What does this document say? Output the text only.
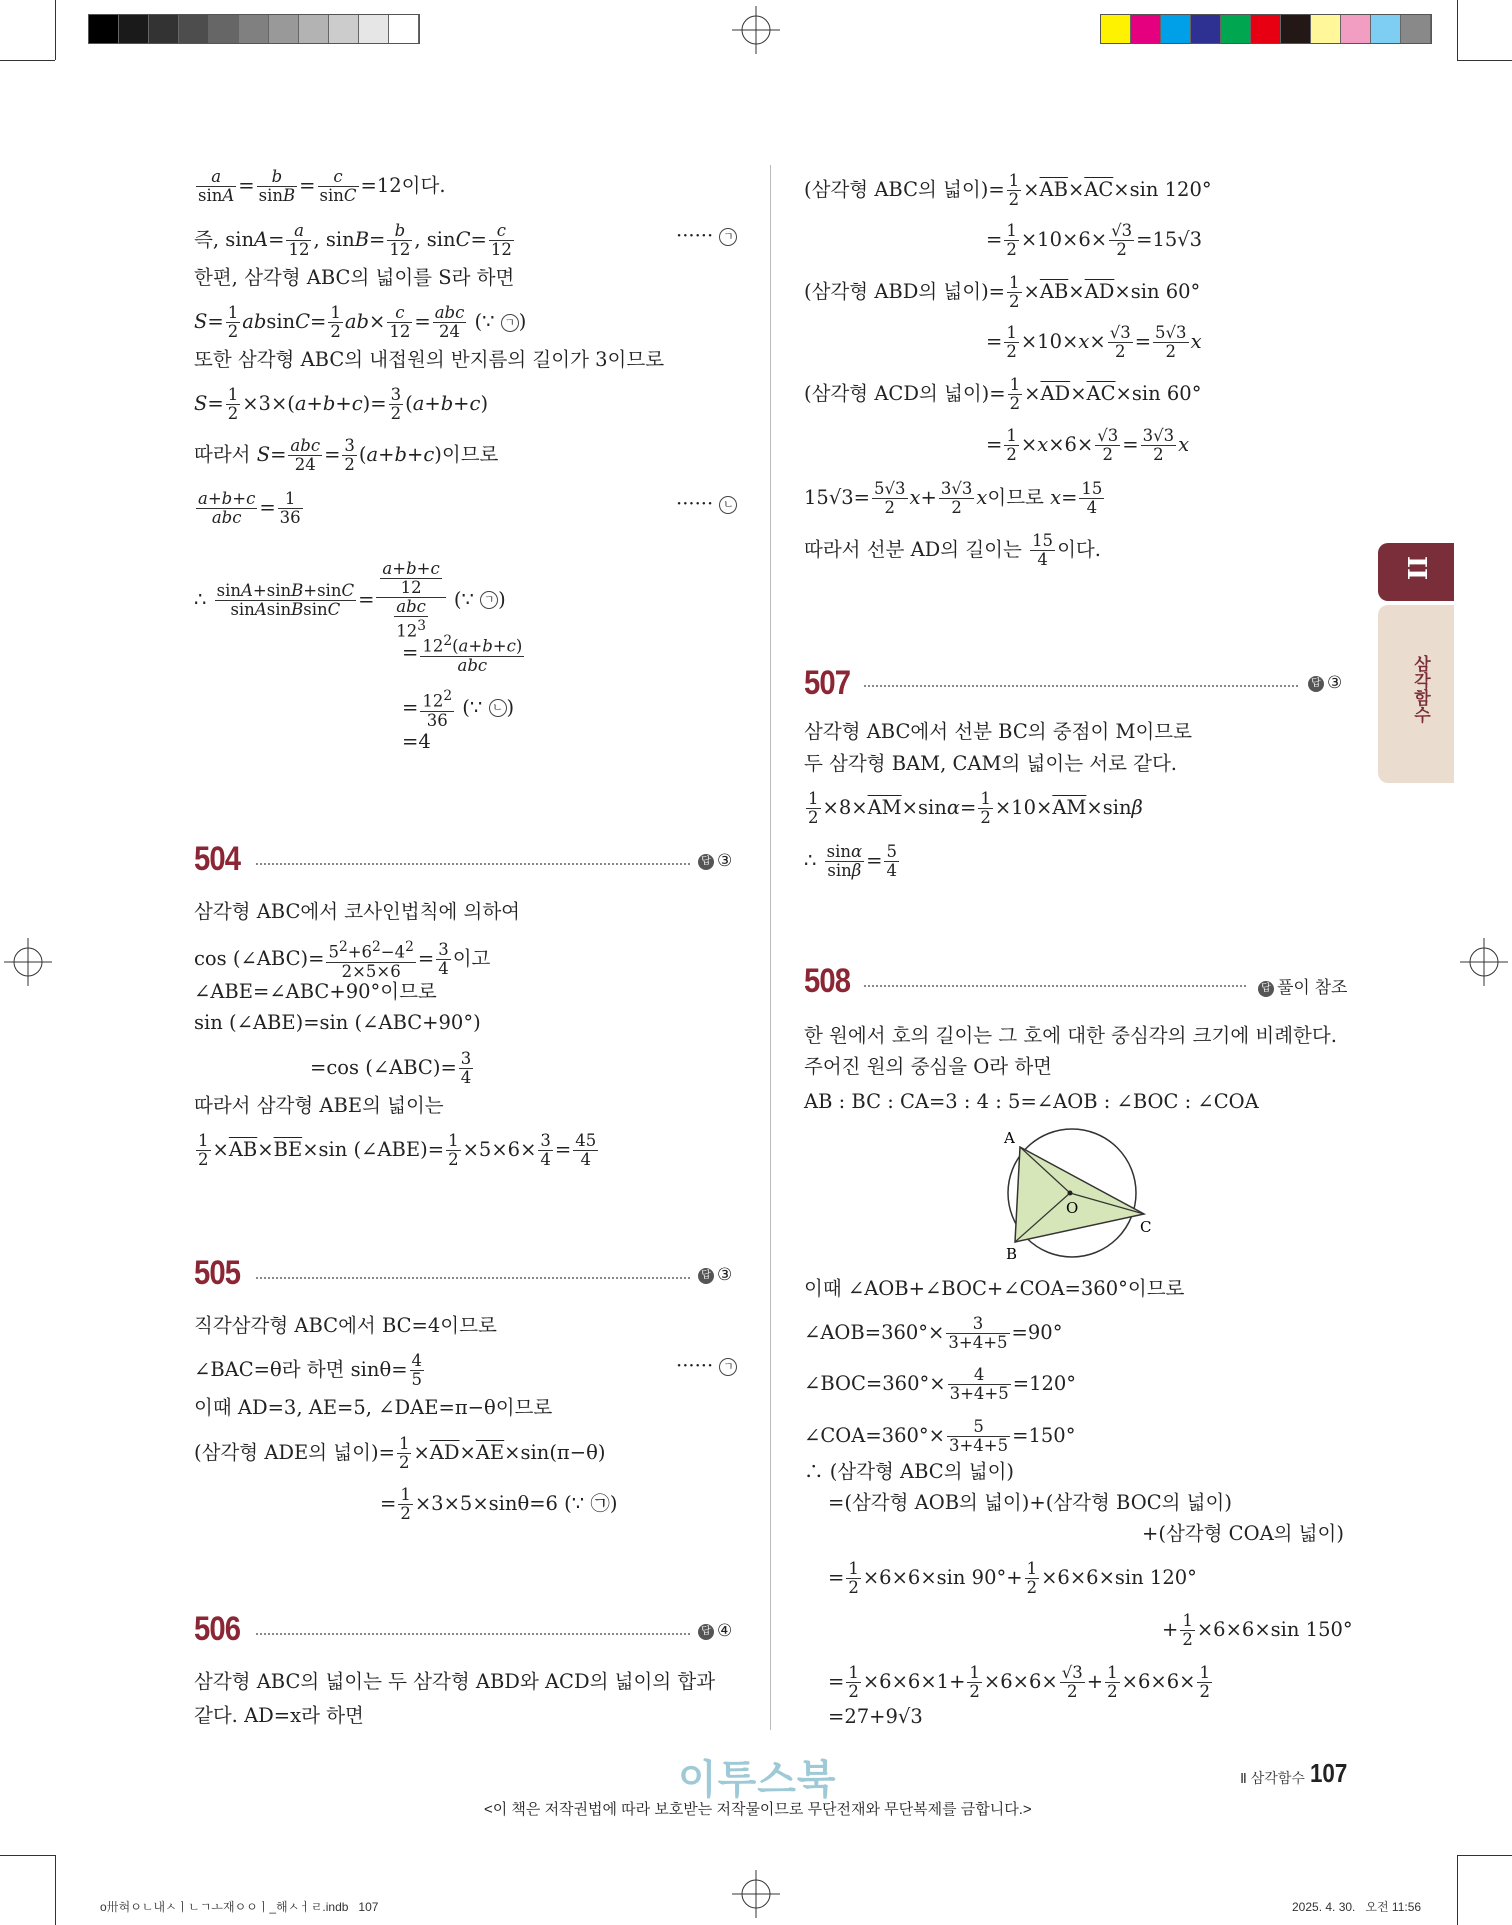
$\frac{a}{\sin A} = \frac{b}{\sin B} = \frac{c}{\sin C} =12$이다.
즉, $\sin A= \frac{a}{12}$ , $\sin B= \frac{b}{12}$ , $\sin C= \frac{c}{12}$	······ ㄱ
한편, 삼각형 ABC의 넓이를 S라 하면
$S= \frac{1}{2} absinC= \frac{1}{2} ab\times \frac{c}{12} = \frac{\text{abc}}{24}$ (∵ ㄱ )
또한 삼각형 ABC의 내접원의 반지름의 길이가 3이므로
$S= \frac{1}{2} \times 3\times(a+b+c)= \frac{3}{2} (a+b+c)$
따라서 $S= \frac{\text{abc}}{24} = \frac{3}{2} (a+b+c)$이므로
$\frac{a+b+c}{\text{abc}} = \frac{1}{36}$	······ ㄴ
∴ $\frac{\sin A+\sin B+\sin C}{\text{sinAsinBsinC}} = \frac{\frac{a+b+c}{12}}{\frac{\text{abc}}{12^3}}$ (∵ ㄱ )
= $\frac{12^2(a+b+c)}{\text{abc}}$
= $\frac{12^2}{36}$ (∵ ㄴ )
=4
504	답 ③
삼각형 ABC에서 코사인법칙에 의하여
cos (∠ABC)= $\frac{5^2+6^2-4^2}{2\times 5\times 6} = \frac{3}{4}$ 이고
∠ABE=∠ABC+90°이므로
sin (∠ABE)=sin (∠ABC+90°)
=cos (∠ABC)= $\frac{3}{4}$
따라서 삼각형 ABE의 넓이는
$\frac{1}{2} \times\overline{AB}\times\overline{BE}\times\sin$ (∠ABE)= $\frac{1}{2} \times 5\times 6\times \frac{3}{4} = \frac{45}{4}$
505	답 ③
직각삼각형 ABC에서 BC=4이므로
∠BAC=θ라 하면 $\sin\theta= \frac{4}{5}$	······ ㄱ
이때 AD=3, AE=5, ∠DAE=π−θ이므로
(삼각형 ADE의 넓이)= $\frac{1}{2} \times\overline{AD}\times\overline{AE}\times\sin(\pi-\theta)$
= $\frac{1}{2} \times 3\times 5\times\sin\theta=6$ (∵ ㉠)
506	답 ④
삼각형 ABC의 넓이는 두 삼각형 ABD와 ACD의 넓이의 합과
같다. AD=x라 하면
(삼각형 ABC의 넓이)= $\frac{1}{2} \times\overline{AB}\times\overline{AC}\times\sin$ 120°
= $\frac{1}{2} \times 10\times 6\times \frac{√3}{2} =15√3$
(삼각형 ABD의 넓이)= $\frac{1}{2} \times\overline{AB}\times\overline{AD}\times\sin$ 60°
= $\frac{1}{2} \times 10\times x\times \frac{√3}{2} = \frac{5√3}{2}$ x
(삼각형 ACD의 넓이)= $\frac{1}{2} \times\overline{AD}\times\overline{AC}\times\sin$ 60°
= $\frac{1}{2} \times x\times 6\times \frac{√3}{2} = \frac{3√3}{2}$ x
$15√3= \frac{5√3}{2} x+ \frac{3√3}{2}$ x이므로 $x= \frac{15}{4}$
따라서 선분 AD의 길이는 $\frac{15}{4}$ 이다.
507	답 ③
삼각형 ABC에서 선분 BC의 중점이 M이므로
두 삼각형 BAM, CAM의 넓이는 서로 같다.
$\frac{1}{2} \times 8\times\overline{AM}\times\sin\alpha= \frac{1}{2} \times 10\times\overline{AM}\times\sin\beta$
∴ $\frac{\sin\alpha}{\sin\beta} = \frac{5}{4}$
508	답 풀이 참조
한 원에서 호의 길이는 그 호에 대한 중심각의 크기에 비례한다.
주어진 원의 중심을 O라 하면
AB : BC : CA=3 : 4 : 5=∠AOB : ∠BOC : ∠COA
A
B
C
O
이때 ∠AOB+∠BOC+∠COA=360°이므로
∠AOB=360°× $\frac{3}{3+4+5} =90^\circ$
∠BOC=360°× $\frac{4}{3+4+5} =120^\circ$
∠COA=360°× $\frac{5}{3+4+5} =150^\circ$
∴ (삼각형 ABC의 넓이)
=(삼각형 AOB의 넓이)+(삼각형 BOC의 넓이)
+(삼각형 COA의 넓이)
= $\frac{1}{2} \times 6\times 6\times\sin$ $90^\circ+ \frac{1}{2} \times 6\times 6\times\sin$ 120°
+ $\frac{1}{2} \times 6\times 6\times\sin$ 150°
= $\frac{1}{2} \times 6\times 6\times 1+ \frac{1}{2} \times 6\times 6\times \frac{√3}{2} + \frac{1}{2} \times 6\times 6\times \frac{1}{2}$
=27+9√3
II
삼각함수
이투스북	Ⅱ 삼각함수 107
<이 책은 저작권법에 따라 보호받는 저작물이므로 무단전재와 무단복제를 금합니다.>
о卅혀ㅇㄴ내ㅅㅣㄴㄱㅗ재ㅇㅇㅣ_해ㅅㅓㄹ.indb   107	2025. 4. 30.   오전 11:56
